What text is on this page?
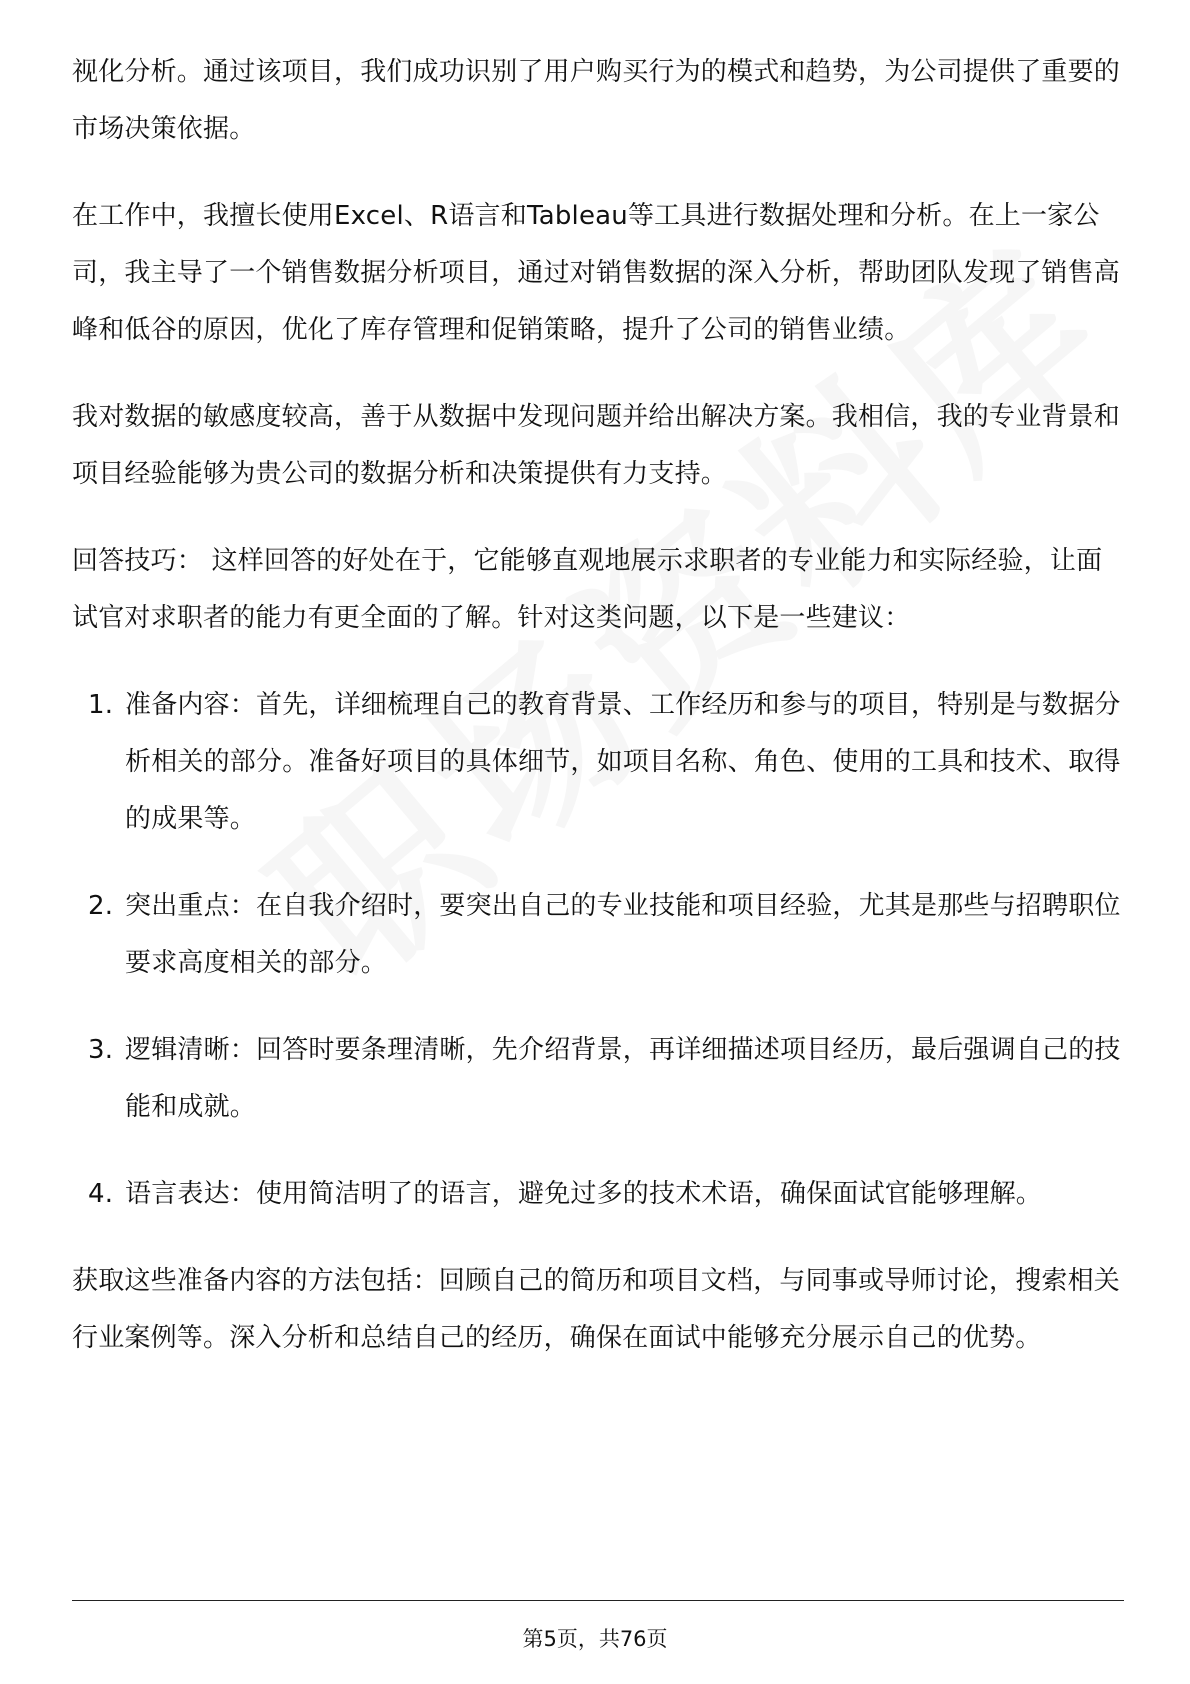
视化分析。通过该项目，我们成功识别了用户购买行为的模式和趋势，为公司提供了重要的市场决策依据。

在工作中，我擅长使用Excel、R语言和Tableau等工具进行数据处理和分析。在上一家公司，我主导了一个销售数据分析项目，通过对销售数据的深入分析，帮助团队发现了销售高峰和低谷的原因，优化了库存管理和促销策略，提升了公司的销售业绩。

我对数据的敏感度较高，善于从数据中发现问题并给出解决方案。我相信，我的专业背景和项目经验能够为贵公司的数据分析和决策提供有力支持。

回答技巧： 这样回答的好处在于，它能够直观地展示求职者的专业能力和实际经验，让面试官对求职者的能力有更全面的了解。针对这类问题，以下是一些建议：

1. 准备内容：首先，详细梳理自己的教育背景、工作经历和参与的项目，特别是与数据分析相关的部分。准备好项目的具体细节，如项目名称、角色、使用的工具和技术、取得的成果等。
2. 突出重点：在自我介绍时，要突出自己的专业技能和项目经验，尤其是那些与招聘职位要求高度相关的部分。
3. 逻辑清晰：回答时要条理清晰，先介绍背景，再详细描述项目经历，最后强调自己的技能和成就。
4. 语言表达：使用简洁明了的语言，避免过多的技术术语，确保面试官能够理解。

获取这些准备内容的方法包括：回顾自己的简历和项目文档，与同事或导师讨论，搜索相关行业案例等。深入分析和总结自己的经历，确保在面试中能够充分展示自己的优势。

第5页，共76页
